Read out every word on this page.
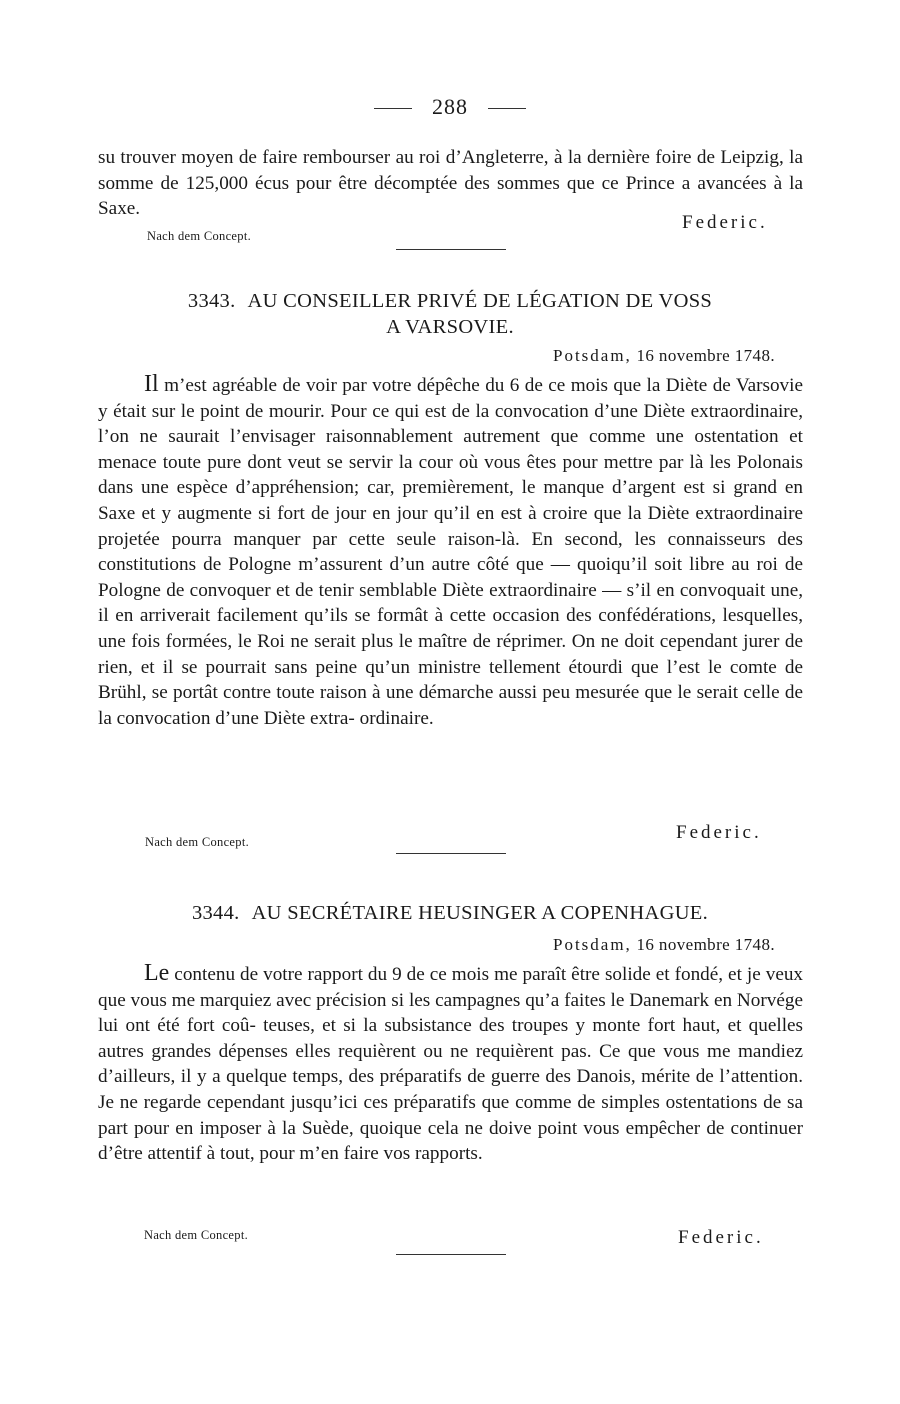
288

su trouver moyen de faire rembourser au roi d’Angleterre, à la dernière foire de Leipzig, la somme de 125,000 écus pour être décomptée des sommes que ce Prince a avancées à la Saxe.

Federic.
Nach dem Concept.
3343. AU CONSEILLER PRIVÉ DE LÉGATION DE VOSS
A VARSOVIE.
Potsdam, 16 novembre 1748.

Il m’est agréable de voir par votre dépêche du 6 de ce mois que la Diète de Varsovie y était sur le point de mourir. Pour ce qui est de la convocation d’une Diète extraordinaire, l’on ne saurait l’envisager raisonnablement autrement que comme une ostentation et menace toute pure dont veut se servir la cour où vous êtes pour mettre par là les Polonais dans une espèce d’appréhension; car, premièrement, le manque d’argent est si grand en Saxe et y augmente si fort de jour en jour qu’il en est à croire que la Diète extraordinaire projetée pourra manquer par cette seule raison-là. En second, les connaisseurs des constitutions de Pologne m’assurent d’un autre côté que — quoiqu’il soit libre au roi de Pologne de convoquer et de tenir semblable Diète extraordinaire — s’il en convoquait une, il en arriverait facilement qu’ils se formât à cette occasion des confédérations, lesquelles, une fois formées, le Roi ne serait plus le maître de réprimer. On ne doit cependant jurer de rien, et il se pourrait sans peine qu’un ministre tellement étourdi que l’est le comte de Brühl, se portât contre toute raison à une démarche aussi peu mesurée que le serait celle de la convocation d’une Diète extra- ordinaire.

Federic.
Nach dem Concept.
3344. AU SECRÉTAIRE HEUSINGER A COPENHAGUE.
Potsdam, 16 novembre 1748.

Le contenu de votre rapport du 9 de ce mois me paraît être solide et fondé, et je veux que vous me marquiez avec précision si les campagnes qu’a faites le Danemark en Norvége lui ont été fort coû- teuses, et si la subsistance des troupes y monte fort haut, et quelles autres grandes dépenses elles requièrent ou ne requièrent pas. Ce que vous me mandiez d’ailleurs, il y a quelque temps, des préparatifs de guerre des Danois, mérite de l’attention. Je ne regarde cependant jusqu’ici ces préparatifs que comme de simples ostentations de sa part pour en imposer à la Suède, quoique cela ne doive point vous empêcher de continuer d’être attentif à tout, pour m’en faire vos rapports.

Federic.
Nach dem Concept.
